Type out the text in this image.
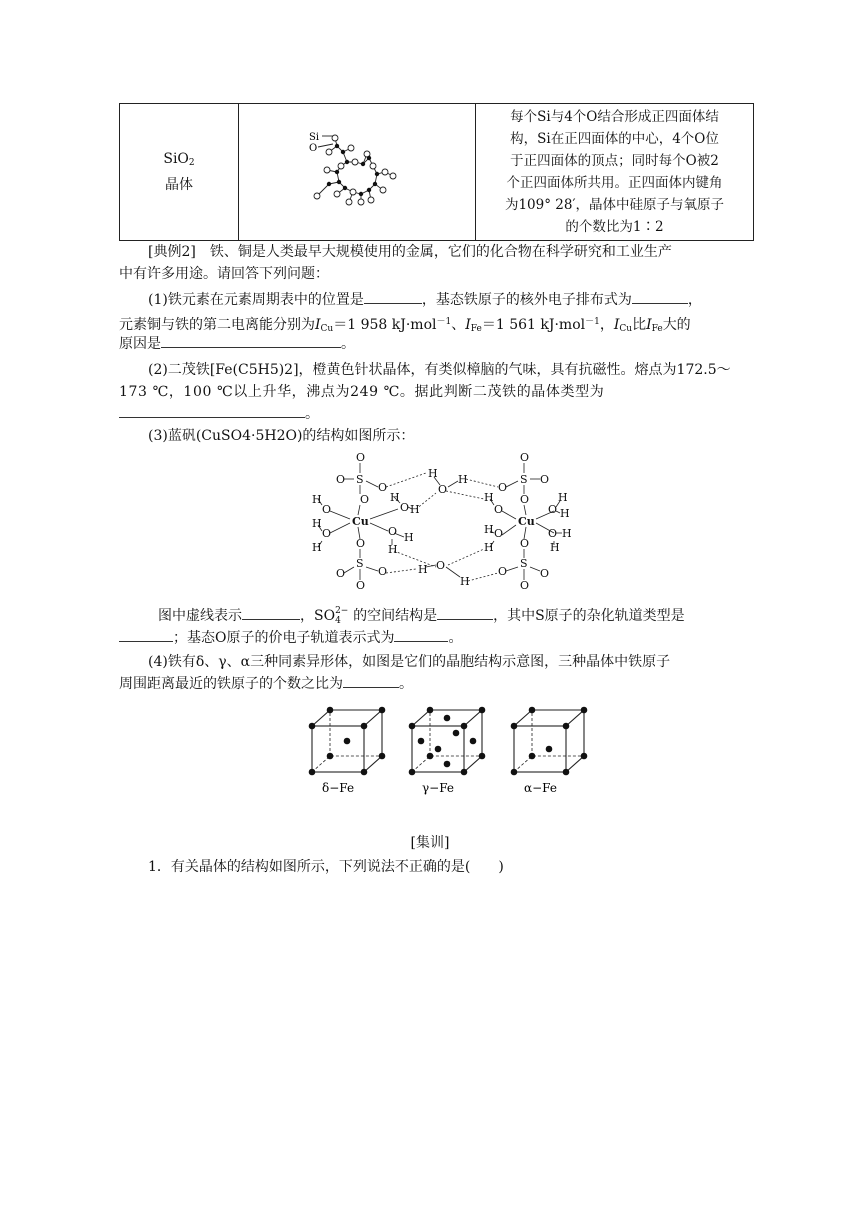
SiO$_2$
晶体

Si
O

每个Si与4个O结合形成正四面体结
构，Si在正四面体的中心，4个O位
于正四面体的顶点；同时每个O被2
个正四面体所共用。正四面体内键角
为109° 28′，晶体中硅原子与氧原子
的个数比为1∶2
[典例2]　铁、铜是人类最早大规模使用的金属，它们的化合物在科学研究和工业生产
中有许多用途。请回答下列问题：
(1)铁元素在元素周期表中的位置是	，基态铁原子的核外电子排布式为	，
元素铜与铁的第二电离能分别为$I_{Cu}=1$ 958 kJ·mol$^{-1}$、$I_{Fe}=1$ 561 kJ·mol$^{-1}$，$I_{Cu}$比$I_{Fe}$大的
原因是	。
(2)二茂铁[Fe(C5H5)2]，橙黄色针状晶体，有类似樟脑的气味，具有抗磁性。熔点为172.5～
173 ℃，100 ℃以上升华，沸点为249 ℃。据此判断二茂铁的晶体类型为
。
(3)蓝矾(CuSO4·5H2O)的结构如图所示：
O
S
O
O
O
H
O
H
O
H
H
O H
O H
H
Cu
O
S
O
O
O
H
O
H
H O
H
O
S O
O
O
H
O
H O
H
H
O H
O H
H
Cu
O
S
O
O
O
图中虚线表示	，SO 2−
4 的空间结构是	，其中S原子的杂化轨道类型是
；基态O原子的价电子轨道表示式为	。
(4)铁有δ、γ、α三种同素异形体，如图是它们的晶胞结构示意图，三种晶体中铁原子
周围距离最近的铁原子的个数之比为	。
δ−Fe	γ−Fe	α−Fe
[集训]
1．有关晶体的结构如图所示，下列说法不正确的是(　　)
